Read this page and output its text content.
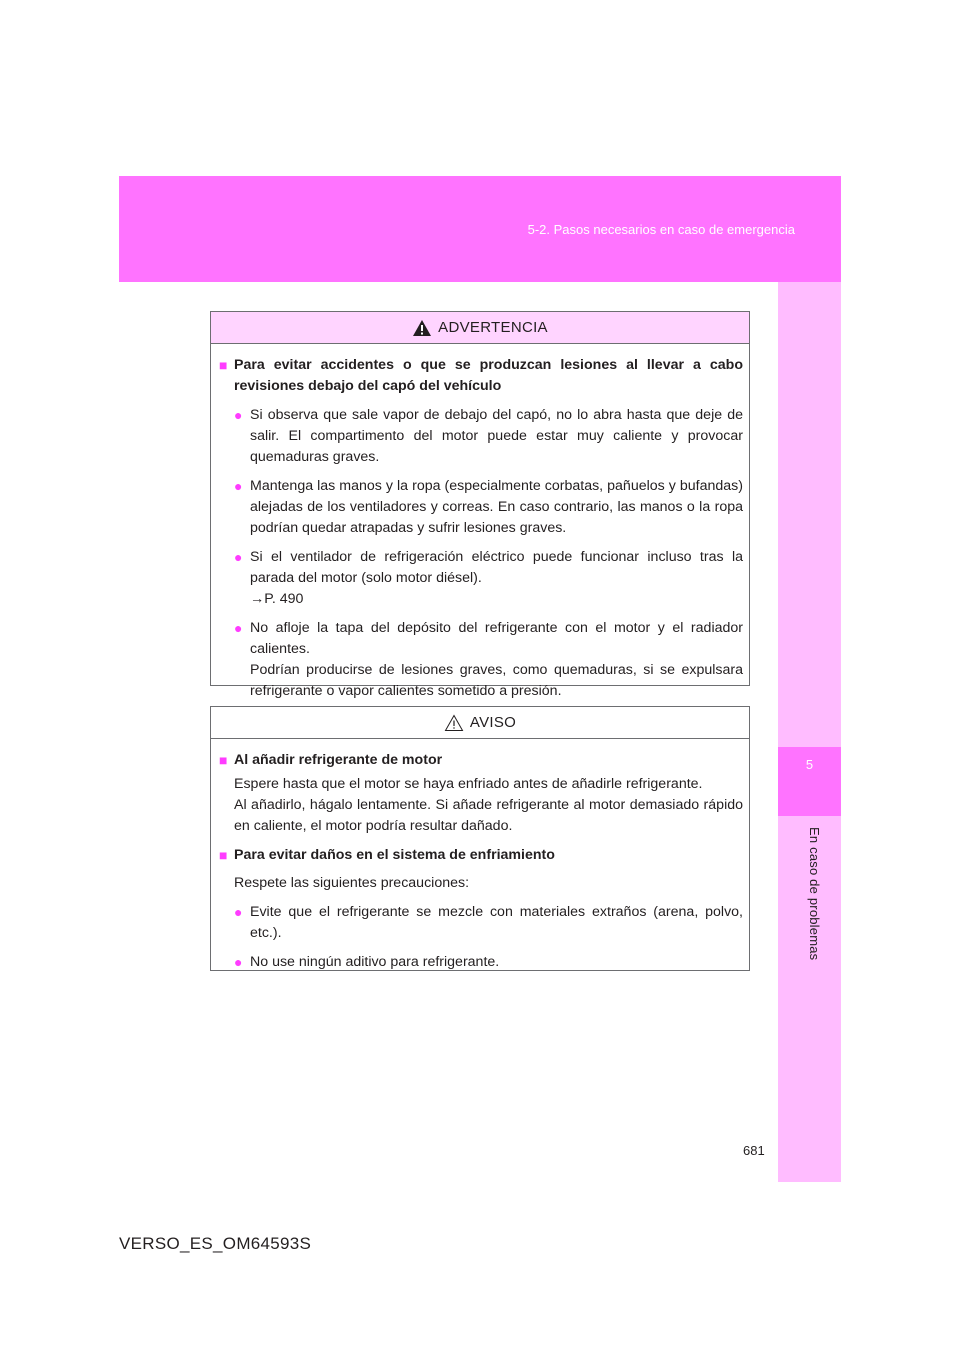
5-2. Pasos necesarios en caso de emergencia
5
En caso de problemas
ADVERTENCIA
■ Para evitar accidentes o que se produzcan lesiones al llevar a cabo revisiones debajo del capó del vehículo
● Si observa que sale vapor de debajo del capó, no lo abra hasta que deje de salir. El compartimento del motor puede estar muy caliente y provocar quemaduras graves.
● Mantenga las manos y la ropa (especialmente corbatas, pañuelos y bufandas) alejadas de los ventiladores y correas. En caso contrario, las manos o la ropa podrían quedar atrapadas y sufrir lesiones graves.
● Si el ventilador de refrigeración eléctrico puede funcionar incluso tras la parada del motor (solo motor diésel).
→P. 490
● No afloje la tapa del depósito del refrigerante con el motor y el radiador calientes.
Podrían producirse de lesiones graves, como quemaduras, si se expulsara refrigerante o vapor calientes sometido a presión.
AVISO
■ Al añadir refrigerante de motor
Espere hasta que el motor se haya enfriado antes de añadirle refrigerante.
Al añadirlo, hágalo lentamente. Si añade refrigerante al motor demasiado rápido en caliente, el motor podría resultar dañado.
■ Para evitar daños en el sistema de enfriamiento
Respete las siguientes precauciones:
● Evite que el refrigerante se mezcle con materiales extraños (arena, polvo, etc.).
● No use ningún aditivo para refrigerante.
681
VERSO_ES_OM64593S
